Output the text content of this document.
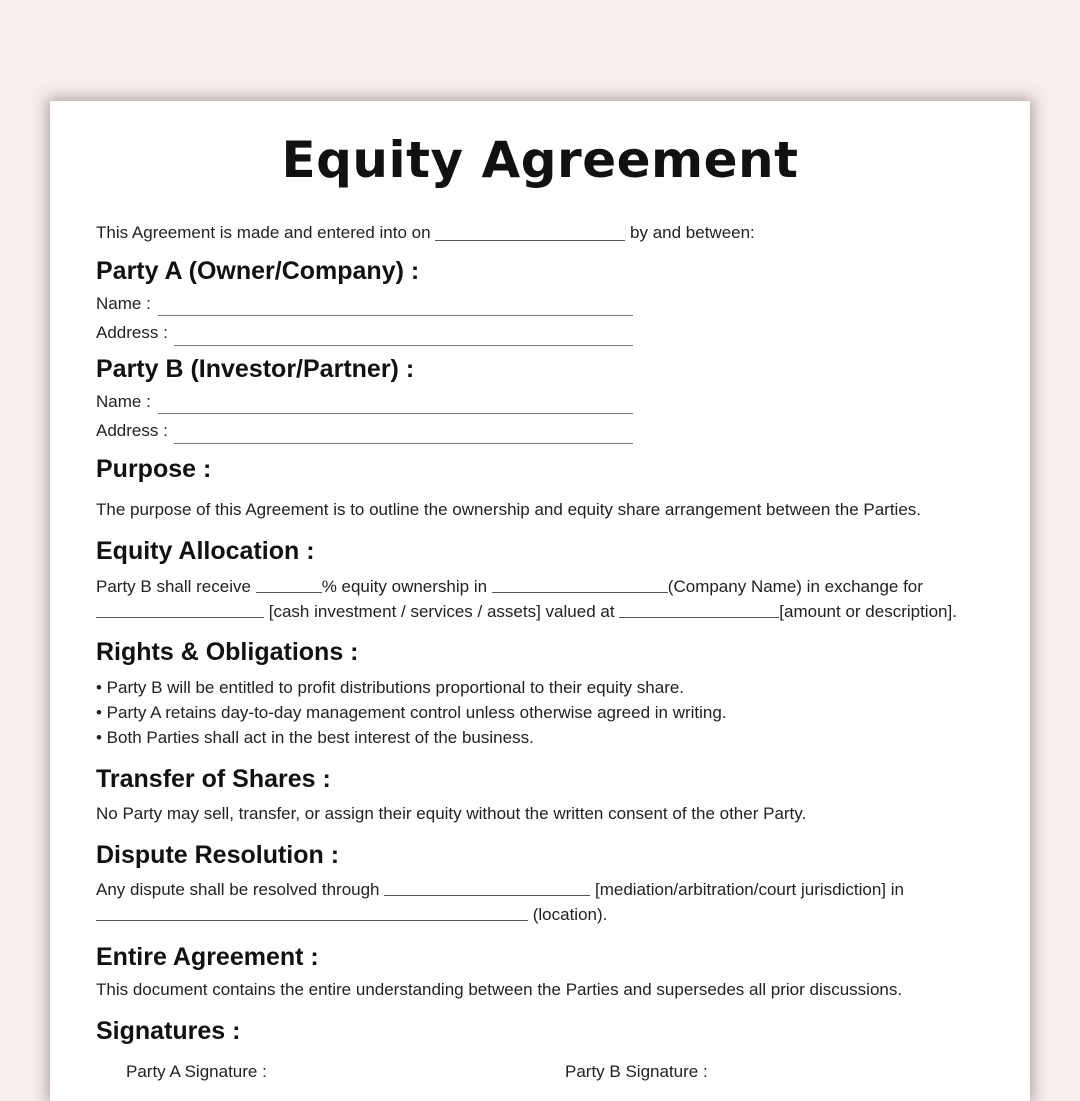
Equity Agreement
This Agreement is made and entered into on	by and between:
Party A (Owner/Company) :
Name :
Address :
Party B (Investor/Partner) :
Name :
Address :
Purpose :
The purpose of this Agreement is to outline the ownership and equity share arrangement between the Parties.
Equity Allocation :
Party B shall receive	% equity ownership in	(Company Name) in exchange for
[cash investment / services / assets] valued at	[amount or description].
Rights & Obligations :
• Party B will be entitled to profit distributions proportional to their equity share.
• Party A retains day-to-day management control unless otherwise agreed in writing.
• Both Parties shall act in the best interest of the business.
Transfer of Shares :
No Party may sell, transfer, or assign their equity without the written consent of the other Party.
Dispute Resolution :
Any dispute shall be resolved through	[mediation/arbitration/court jurisdiction] in
(location).
Entire Agreement :
This document contains the entire understanding between the Parties and supersedes all prior discussions.
Signatures :
Party A Signature :	Party B Signature :
